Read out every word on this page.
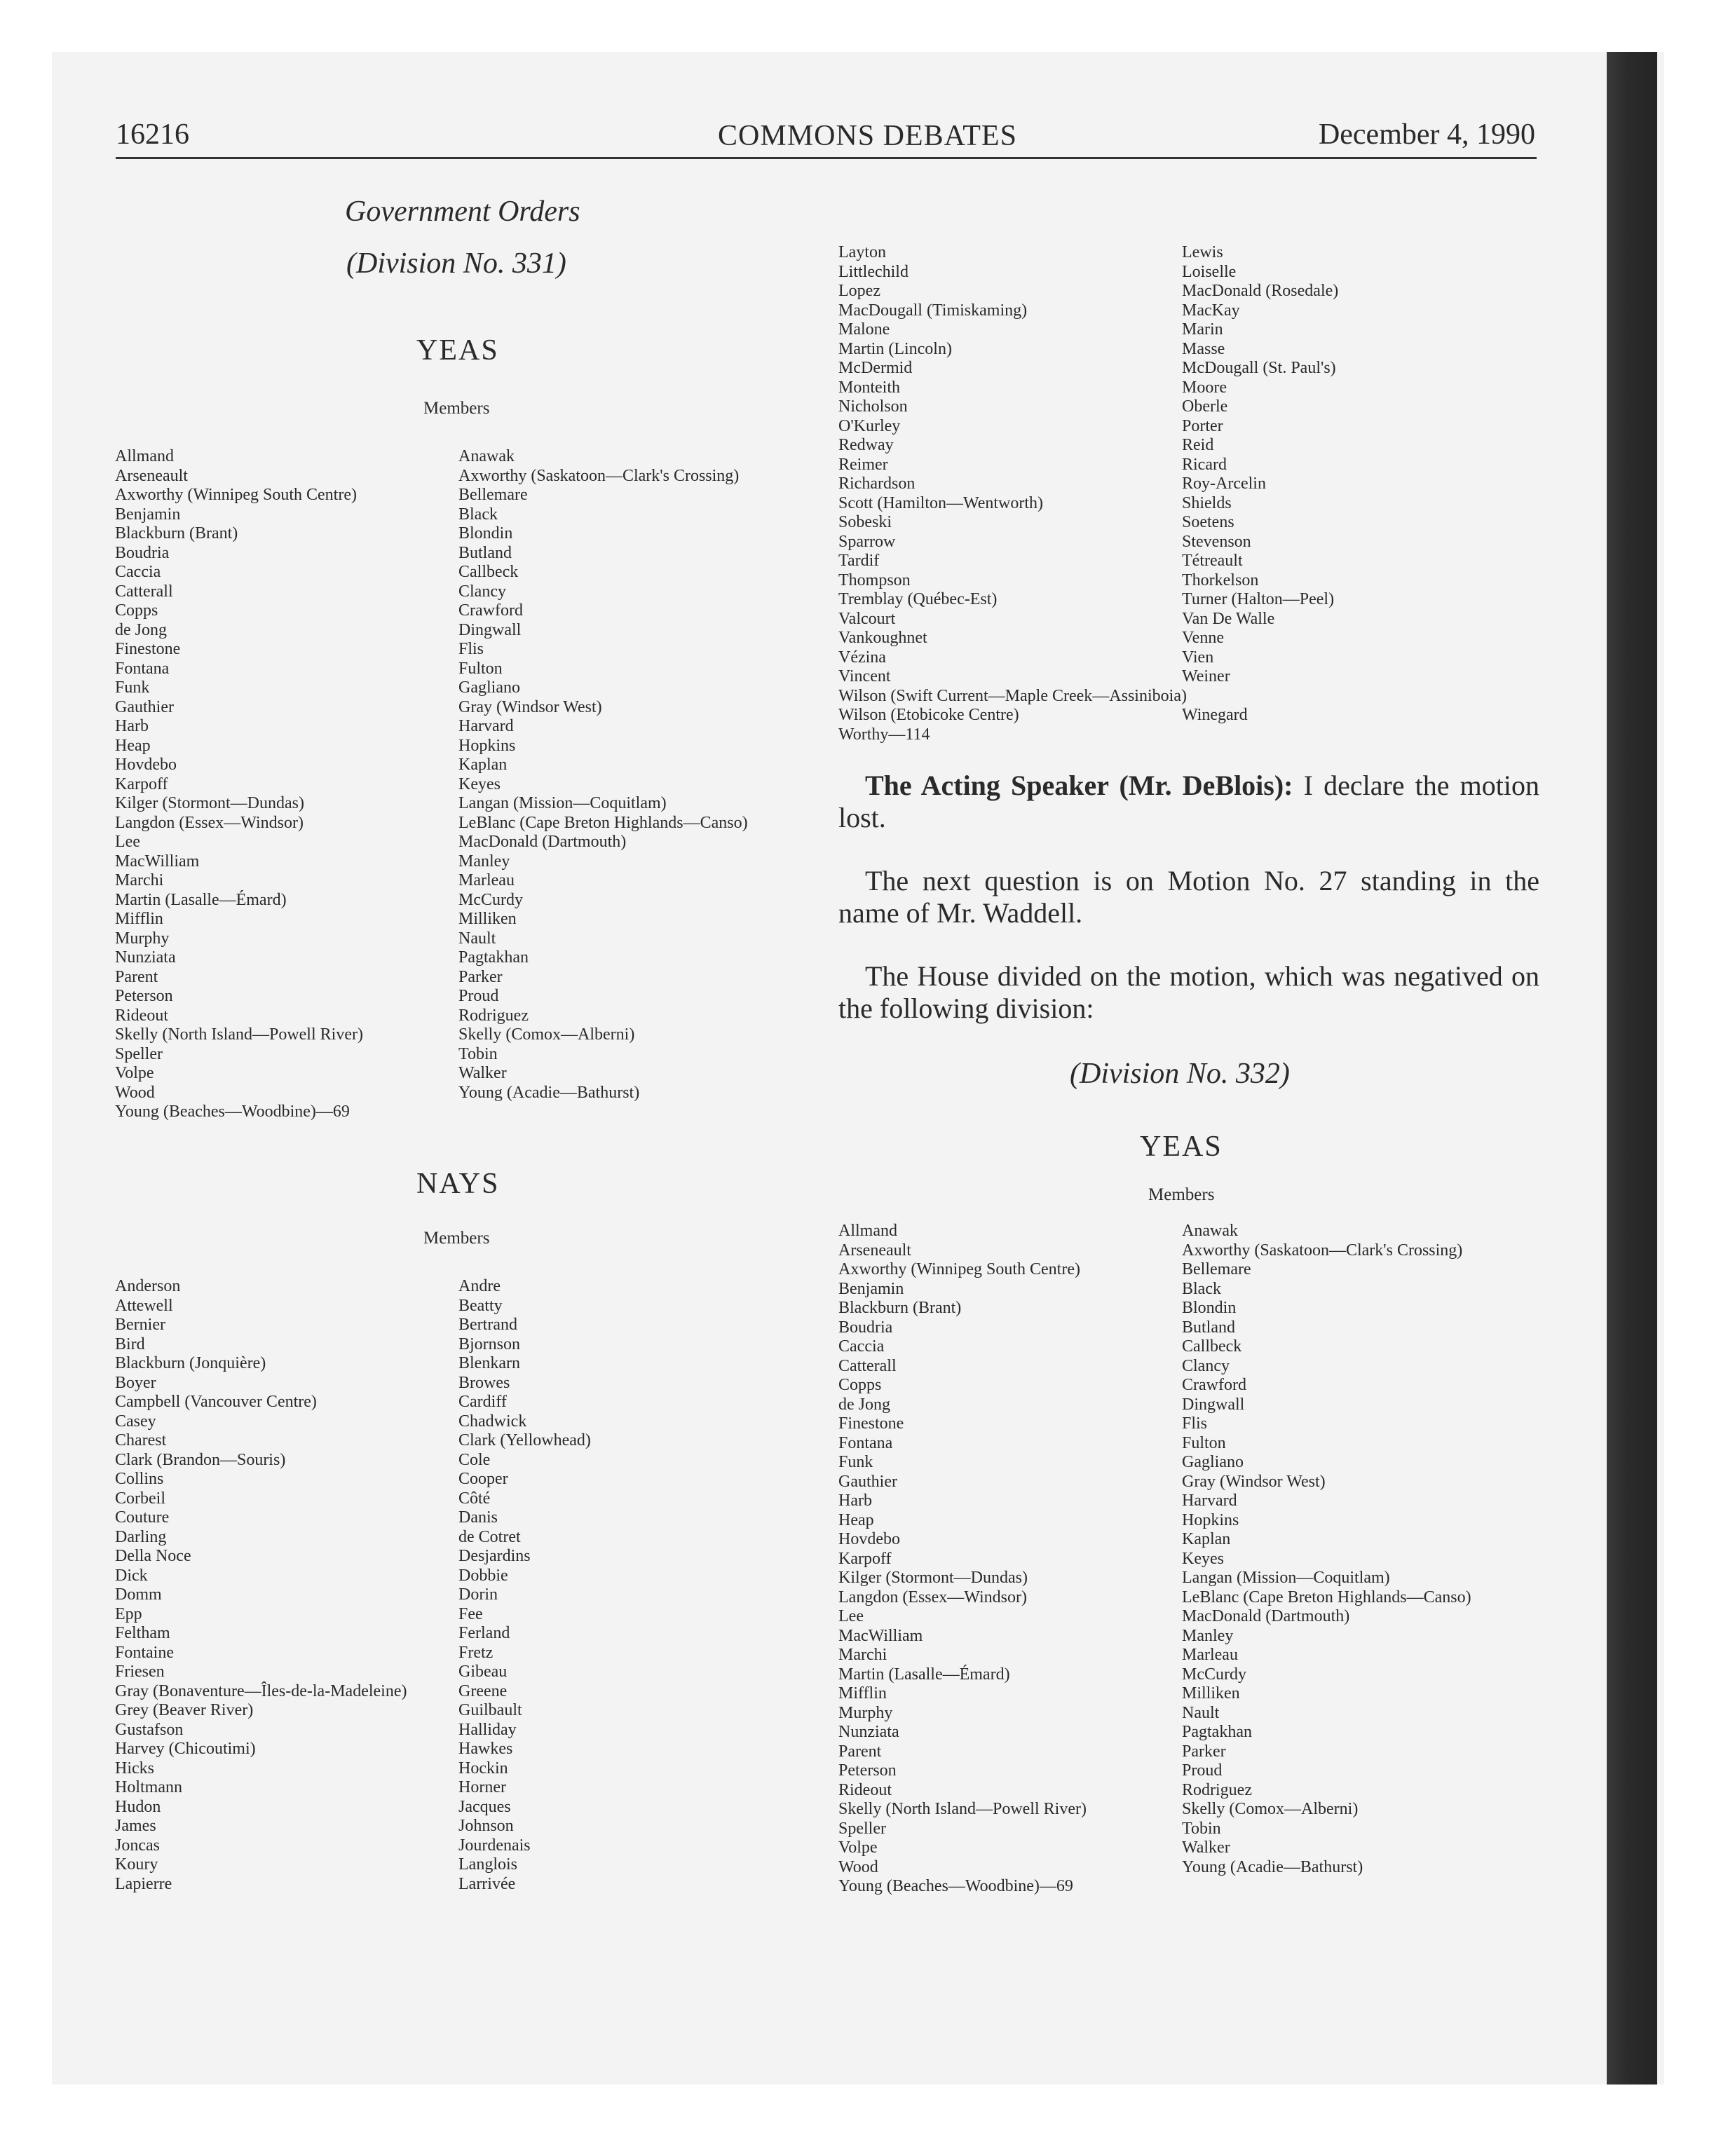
16216	COMMONS DEBATES	December 4, 1990
Government Orders
(Division No. 331)
YEAS
Members
Allmand
Arseneault
Axworthy (Winnipeg South Centre)
Benjamin
Blackburn (Brant)
Boudria
Caccia
Catterall
Copps
de Jong
Finestone
Fontana
Funk
Gauthier
Harb
Heap
Hovdebo
Karpoff
Kilger (Stormont—Dundas)
Langdon (Essex—Windsor)
Lee
MacWilliam
Marchi
Martin (Lasalle—Émard)
Mifflin
Murphy
Nunziata
Parent
Peterson
Rideout
Skelly (North Island—Powell River)
Speller
Volpe
Wood
Young (Beaches—Woodbine)—69
Anawak
Axworthy (Saskatoon—Clark's Crossing)
Bellemare
Black
Blondin
Butland
Callbeck
Clancy
Crawford
Dingwall
Flis
Fulton
Gagliano
Gray (Windsor West)
Harvard
Hopkins
Kaplan
Keyes
Langan (Mission—Coquitlam)
LeBlanc (Cape Breton Highlands—Canso)
MacDonald (Dartmouth)
Manley
Marleau
McCurdy
Milliken
Nault
Pagtakhan
Parker
Proud
Rodriguez
Skelly (Comox—Alberni)
Tobin
Walker
Young (Acadie—Bathurst)
NAYS
Members
Anderson
Attewell
Bernier
Bird
Blackburn (Jonquière)
Boyer
Campbell (Vancouver Centre)
Casey
Charest
Clark (Brandon—Souris)
Collins
Corbeil
Couture
Darling
Della Noce
Dick
Domm
Epp
Feltham
Fontaine
Friesen
Gray (Bonaventure—Îles-de-la-Madeleine)
Grey (Beaver River)
Gustafson
Harvey (Chicoutimi)
Hicks
Holtmann
Hudon
James
Joncas
Koury
Lapierre
Andre
Beatty
Bertrand
Bjornson
Blenkarn
Browes
Cardiff
Chadwick
Clark (Yellowhead)
Cole
Cooper
Côté
Danis
de Cotret
Desjardins
Dobbie
Dorin
Fee
Ferland
Fretz
Gibeau
Greene
Guilbault
Halliday
Hawkes
Hockin
Horner
Jacques
Johnson
Jourdenais
Langlois
Larrivée
Layton
Littlechild
Lopez
MacDougall (Timiskaming)
Malone
Martin (Lincoln)
McDermid
Monteith
Nicholson
O'Kurley
Redway
Reimer
Richardson
Scott (Hamilton—Wentworth)
Sobeski
Sparrow
Tardif
Thompson
Tremblay (Québec-Est)
Valcourt
Vankoughnet
Vézina
Vincent
Lewis
Loiselle
MacDonald (Rosedale)
MacKay
Marin
Masse
McDougall (St. Paul's)
Moore
Oberle
Porter
Reid
Ricard
Roy-Arcelin
Shields
Soetens
Stevenson
Tétreault
Thorkelson
Turner (Halton—Peel)
Van De Walle
Venne
Vien
Weiner
Wilson (Swift Current—Maple Creek—Assiniboia)
Wilson (Etobicoke Centre)	Winegard
Worthy—114
The Acting Speaker (Mr. DeBlois): I declare the motion lost.
The next question is on Motion No. 27 standing in the name of Mr. Waddell.
The House divided on the motion, which was negatived on the following division:
(Division No. 332)
YEAS
Members
Allmand
Arseneault
Axworthy (Winnipeg South Centre)
Benjamin
Blackburn (Brant)
Boudria
Caccia
Catterall
Copps
de Jong
Finestone
Fontana
Funk
Gauthier
Harb
Heap
Hovdebo
Karpoff
Kilger (Stormont—Dundas)
Langdon (Essex—Windsor)
Lee
MacWilliam
Marchi
Martin (Lasalle—Émard)
Mifflin
Murphy
Nunziata
Parent
Peterson
Rideout
Skelly (North Island—Powell River)
Speller
Volpe
Wood
Young (Beaches—Woodbine)—69
Anawak
Axworthy (Saskatoon—Clark's Crossing)
Bellemare
Black
Blondin
Butland
Callbeck
Clancy
Crawford
Dingwall
Flis
Fulton
Gagliano
Gray (Windsor West)
Harvard
Hopkins
Kaplan
Keyes
Langan (Mission—Coquitlam)
LeBlanc (Cape Breton Highlands—Canso)
MacDonald (Dartmouth)
Manley
Marleau
McCurdy
Milliken
Nault
Pagtakhan
Parker
Proud
Rodriguez
Skelly (Comox—Alberni)
Tobin
Walker
Young (Acadie—Bathurst)
